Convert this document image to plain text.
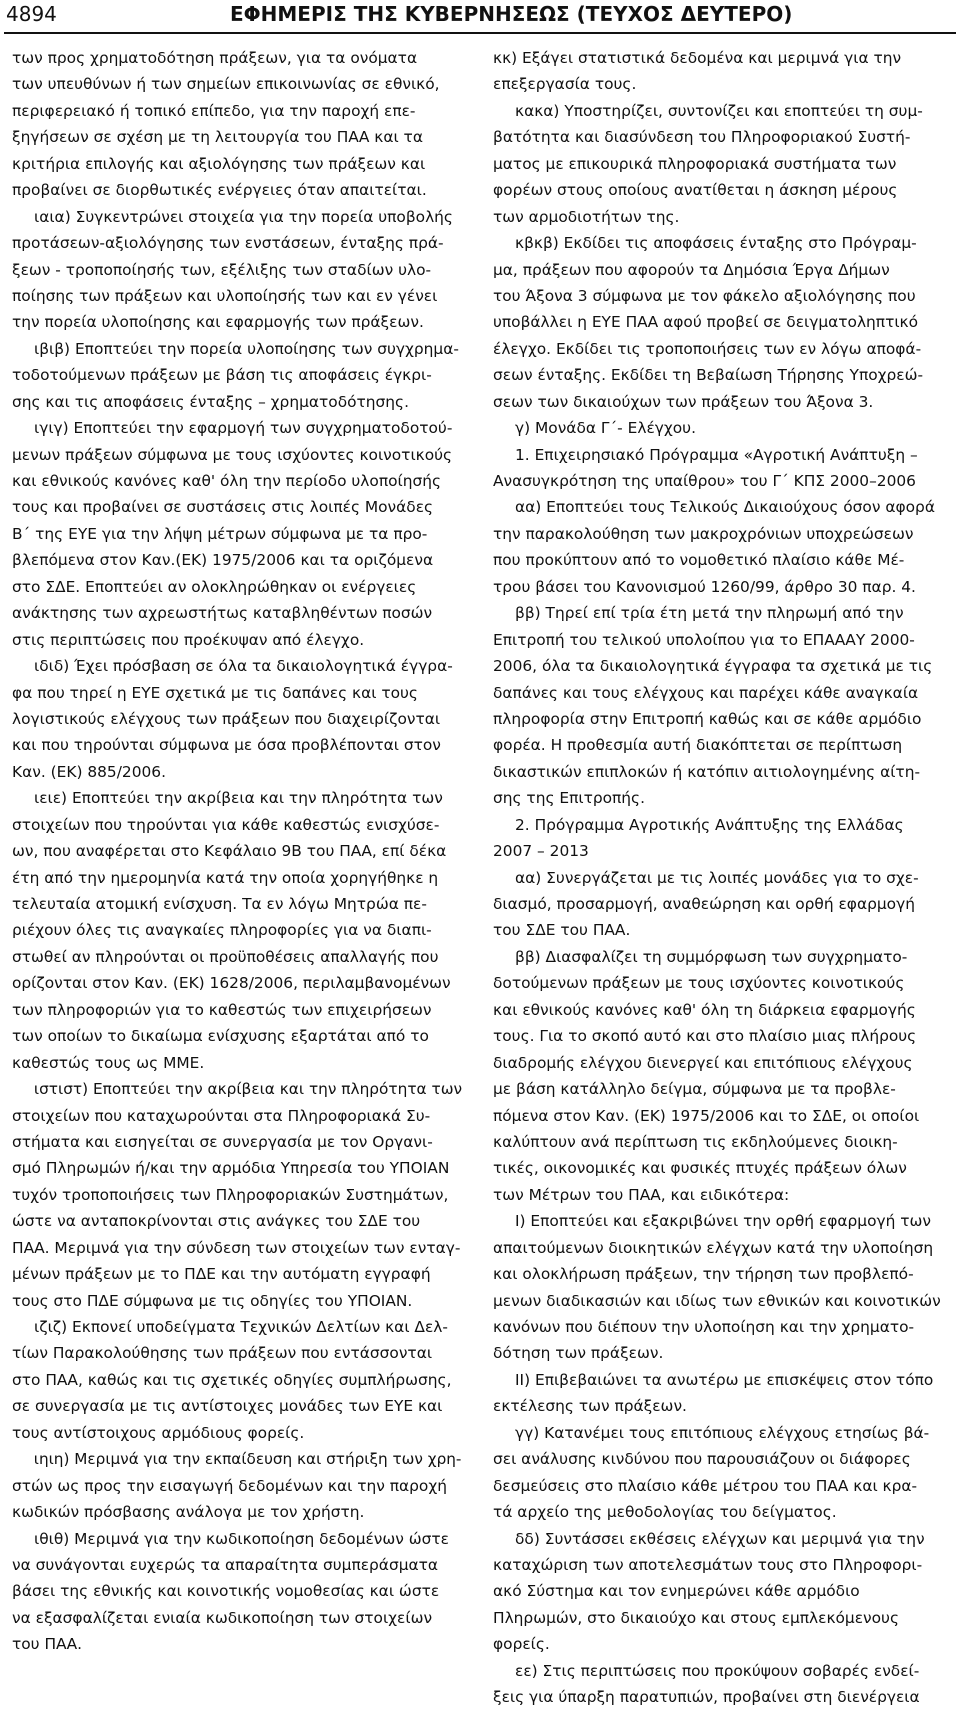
4894	ΕΦΗΜΕΡΙΣ ΤΗΣ ΚΥΒΕΡΝΗΣΕΩΣ (ΤΕΥΧΟΣ ΔΕΥΤΕΡΟ)
των προς χρηματοδότηση πράξεων, για τα ονόματα
των υπευθύνων ή των σημείων επικοινωνίας σε εθνικό,
περιφερειακό ή τοπικό επίπεδο, για την παροχή επε-
ξηγήσεων σε σχέση με τη λειτουργία του ΠΑΑ και τα
κριτήρια επιλογής και αξιολόγησης των πράξεων και
προβαίνει σε διορθωτικές ενέργειες όταν απαιτείται.
ιαια) Συγκεντρώνει στοιχεία για την πορεία υποβολής
προτάσεων-αξιολόγησης των ενστάσεων, ένταξης πρά-
ξεων - τροποποίησής των, εξέλιξης των σταδίων υλο-
ποίησης των πράξεων και υλοποίησής των και εν γένει
την πορεία υλοποίησης και εφαρμογής των πράξεων.
ιβιβ) Εποπτεύει την πορεία υλοποίησης των συγχρημα-
τοδοτούμενων πράξεων με βάση τις αποφάσεις έγκρι-
σης και τις αποφάσεις ένταξης – χρηματοδότησης.
ιγιγ) Εποπτεύει την εφαρμογή των συγχρηματοδοτού-
μενων πράξεων σύμφωνα με τους ισχύοντες κοινοτικούς
και εθνικούς κανόνες καθ' όλη την περίοδο υλοποίησής
τους και προβαίνει σε συστάσεις στις λοιπές Μονάδες
Β΄ της ΕΥΕ για την λήψη μέτρων σύμφωνα με τα προ-
βλεπόμενα στον Καν.(ΕΚ) 1975/2006 και τα οριζόμενα
στο ΣΔΕ. Εποπτεύει αν ολοκληρώθηκαν οι ενέργειες
ανάκτησης των αχρεωστήτως καταβληθέντων ποσών
στις περιπτώσεις που προέκυψαν από έλεγχο.
ιδιδ) Έχει πρόσβαση σε όλα τα δικαιολογητικά έγγρα-
φα που τηρεί η ΕΥΕ σχετικά με τις δαπάνες και τους
λογιστικούς ελέγχους των πράξεων που διαχειρίζονται
και που τηρούνται σύμφωνα με όσα προβλέπονται στον
Καν. (ΕΚ) 885/2006.
ιειε) Εποπτεύει την ακρίβεια και την πληρότητα των
στοιχείων που τηρούνται για κάθε καθεστώς ενισχύσε-
ων, που αναφέρεται στο Κεφάλαιο 9Β του ΠΑΑ, επί δέκα
έτη από την ημερομηνία κατά την οποία χορηγήθηκε η
τελευταία ατομική ενίσχυση. Τα εν λόγω Μητρώα πε-
ριέχουν όλες τις αναγκαίες πληροφορίες για να διαπι-
στωθεί αν πληρούνται οι προϋποθέσεις απαλλαγής που
ορίζονται στον Καν. (ΕΚ) 1628/2006, περιλαμβανομένων
των πληροφοριών για το καθεστώς των επιχειρήσεων
των οποίων το δικαίωμα ενίσχυσης εξαρτάται από το
καθεστώς τους ως ΜΜΕ.
ιστιστ) Εποπτεύει την ακρίβεια και την πληρότητα των
στοιχείων που καταχωρούνται στα Πληροφοριακά Συ-
στήματα και εισηγείται σε συνεργασία με τον Οργανι-
σμό Πληρωμών ή/και την αρμόδια Υπηρεσία του ΥΠΟΙΑΝ
τυχόν τροποποιήσεις των Πληροφοριακών Συστημάτων,
ώστε να ανταποκρίνονται στις ανάγκες του ΣΔΕ του
ΠΑΑ. Μεριμνά για την σύνδεση των στοιχείων των ενταγ-
μένων πράξεων με το ΠΔΕ και την αυτόματη εγγραφή
τους στο ΠΔΕ σύμφωνα με τις οδηγίες του ΥΠΟΙΑΝ.
ιζιζ) Εκπονεί υποδείγματα Τεχνικών Δελτίων και Δελ-
τίων Παρακολούθησης των πράξεων που εντάσσονται
στο ΠΑΑ, καθώς και τις σχετικές οδηγίες συμπλήρωσης,
σε συνεργασία με τις αντίστοιχες μονάδες των ΕΥΕ και
τους αντίστοιχους αρμόδιους φορείς.
ιηιη) Μεριμνά για την εκπαίδευση και στήριξη των χρη-
στών ως προς την εισαγωγή δεδομένων και την παροχή
κωδικών πρόσβασης ανάλογα με τον χρήστη.
ιθιθ) Μεριμνά για την κωδικοποίηση δεδομένων ώστε
να συνάγονται ευχερώς τα απαραίτητα συμπεράσματα
βάσει της εθνικής και κοινοτικής νομοθεσίας και ώστε
να εξασφαλίζεται ενιαία κωδικοποίηση των στοιχείων
του ΠΑΑ.
κκ) Εξάγει στατιστικά δεδομένα και μεριμνά για την
επεξεργασία τους.
κακα) Υποστηρίζει, συντονίζει και εποπτεύει τη συμ-
βατότητα και διασύνδεση του Πληροφοριακού Συστή-
ματος με επικουρικά πληροφοριακά συστήματα των
φορέων στους οποίους ανατίθεται η άσκηση μέρους
των αρμοδιοτήτων της.
κβκβ) Εκδίδει τις αποφάσεις ένταξης στο Πρόγραμ-
μα, πράξεων που αφορούν τα Δημόσια Έργα Δήμων
του Άξονα 3 σύμφωνα με τον φάκελο αξιολόγησης που
υποβάλλει η ΕΥΕ ΠΑΑ αφού προβεί σε δειγματοληπτικό
έλεγχο. Εκδίδει τις τροποποιήσεις των εν λόγω αποφά-
σεων ένταξης. Εκδίδει τη Βεβαίωση Τήρησης Υποχρεώ-
σεων των δικαιούχων των πράξεων του Άξονα 3.
γ) Μονάδα Γ΄- Ελέγχου.
1. Επιχειρησιακό Πρόγραμμα «Αγροτική Ανάπτυξη –
Ανασυγκρότηση της υπαίθρου» του Γ΄ ΚΠΣ 2000–2006
αα) Εποπτεύει τους Τελικούς Δικαιούχους όσον αφορά
την παρακολούθηση των μακροχρόνιων υποχρεώσεων
που προκύπτουν από το νομοθετικό πλαίσιο κάθε Μέ-
τρου βάσει του Κανονισμού 1260/99, άρθρο 30 παρ. 4.
ββ) Τηρεί επί τρία έτη μετά την πληρωμή από την
Επιτροπή του τελικού υπολοίπου για το ΕΠΑΑΑΥ 2000-
2006, όλα τα δικαιολογητικά έγγραφα τα σχετικά με τις
δαπάνες και τους ελέγχους και παρέχει κάθε αναγκαία
πληροφορία στην Επιτροπή καθώς και σε κάθε αρμόδιο
φορέα. Η προθεσμία αυτή διακόπτεται σε περίπτωση
δικαστικών επιπλοκών ή κατόπιν αιτιολογημένης αίτη-
σης της Επιτροπής.
2. Πρόγραμμα Αγροτικής Ανάπτυξης της Ελλάδας
2007 – 2013
αα) Συνεργάζεται με τις λοιπές μονάδες για το σχε-
διασμό, προσαρμογή, αναθεώρηση και ορθή εφαρμογή
του ΣΔΕ του ΠΑΑ.
ββ) Διασφαλίζει τη συμμόρφωση των συγχρηματο-
δοτούμενων πράξεων με τους ισχύοντες κοινοτικούς
και εθνικούς κανόνες καθ' όλη τη διάρκεια εφαρμογής
τους. Για το σκοπό αυτό και στο πλαίσιο μιας πλήρους
διαδρομής ελέγχου διενεργεί και επιτόπιους ελέγχους
με βάση κατάλληλο δείγμα, σύμφωνα με τα προβλε-
πόμενα στον Καν. (ΕΚ) 1975/2006 και το ΣΔΕ, οι οποίοι
καλύπτουν ανά περίπτωση τις εκδηλούμενες διοικη-
τικές, οικονομικές και φυσικές πτυχές πράξεων όλων
των Μέτρων του ΠΑΑ, και ειδικότερα:
Ι) Εποπτεύει και εξακριβώνει την ορθή εφαρμογή των
απαιτούμενων διοικητικών ελέγχων κατά την υλοποίηση
και ολοκλήρωση πράξεων, την τήρηση των προβλεπό-
μενων διαδικασιών και ιδίως των εθνικών και κοινοτικών
κανόνων που διέπουν την υλοποίηση και την χρηματο-
δότηση των πράξεων.
ΙΙ) Επιβεβαιώνει τα ανωτέρω με επισκέψεις στον τόπο
εκτέλεσης των πράξεων.
γγ) Κατανέμει τους επιτόπιους ελέγχους ετησίως βά-
σει ανάλυσης κινδύνου που παρουσιάζουν οι διάφορες
δεσμεύσεις στο πλαίσιο κάθε μέτρου του ΠΑΑ και κρα-
τά αρχείο της μεθοδολογίας του δείγματος.
δδ) Συντάσσει εκθέσεις ελέγχων και μεριμνά για την
καταχώριση των αποτελεσμάτων τους στο Πληροφορι-
ακό Σύστημα και τον ενημερώνει κάθε αρμόδιο
Πληρωμών, στο δικαιούχο και στους εμπλεκόμενους
φορείς.
εε) Στις περιπτώσεις που προκύψουν σοβαρές ενδεί-
ξεις για ύπαρξη παρατυπιών, προβαίνει στη διενέργεια
